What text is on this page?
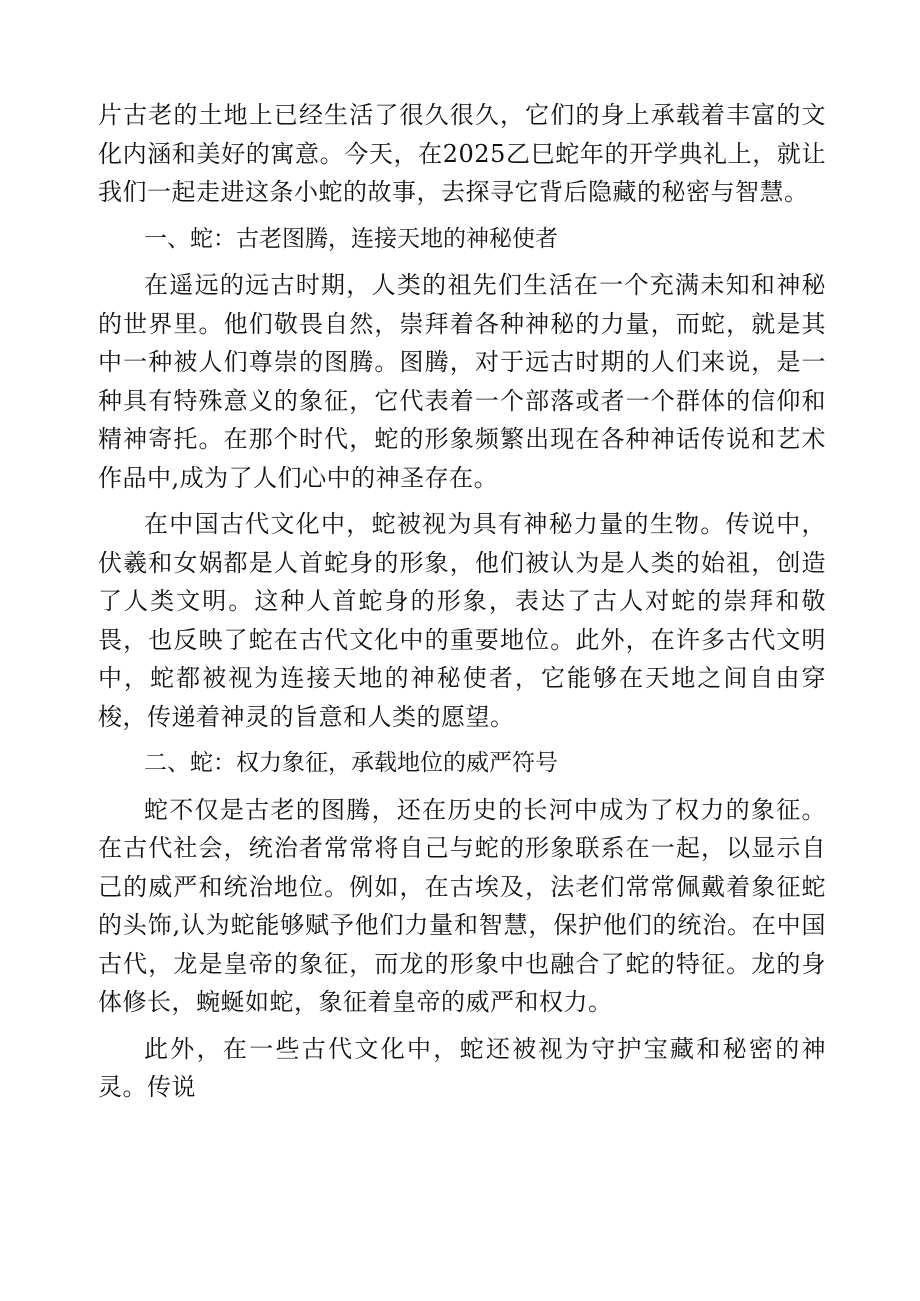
片古老的土地上已经生活了很久很久，它们的身上承载着丰富的文化内涵和美好的寓意。今天，在2025乙巳蛇年的开学典礼上，就让我们一起走进这条小蛇的故事，去探寻它背后隐藏的秘密与智慧。

一、蛇：古老图腾，连接天地的神秘使者

在遥远的远古时期，人类的祖先们生活在一个充满未知和神秘的世界里。他们敬畏自然，崇拜着各种神秘的力量，而蛇，就是其中一种被人们尊崇的图腾。图腾，对于远古时期的人们来说，是一种具有特殊意义的象征，它代表着一个部落或者一个群体的信仰和精神寄托。在那个时代，蛇的形象频繁出现在各种神话传说和艺术作品中,成为了人们心中的神圣存在。

在中国古代文化中，蛇被视为具有神秘力量的生物。传说中，伏羲和女娲都是人首蛇身的形象，他们被认为是人类的始祖，创造了人类文明。这种人首蛇身的形象，表达了古人对蛇的崇拜和敬畏，也反映了蛇在古代文化中的重要地位。此外，在许多古代文明中，蛇都被视为连接天地的神秘使者，它能够在天地之间自由穿梭，传递着神灵的旨意和人类的愿望。

二、蛇：权力象征，承载地位的威严符号

蛇不仅是古老的图腾，还在历史的长河中成为了权力的象征。在古代社会，统治者常常将自己与蛇的形象联系在一起，以显示自己的威严和统治地位。例如，在古埃及，法老们常常佩戴着象征蛇的头饰,认为蛇能够赋予他们力量和智慧，保护他们的统治。在中国古代，龙是皇帝的象征，而龙的形象中也融合了蛇的特征。龙的身体修长，蜿蜒如蛇，象征着皇帝的威严和权力。

此外，在一些古代文化中，蛇还被视为守护宝藏和秘密的神灵。传说
